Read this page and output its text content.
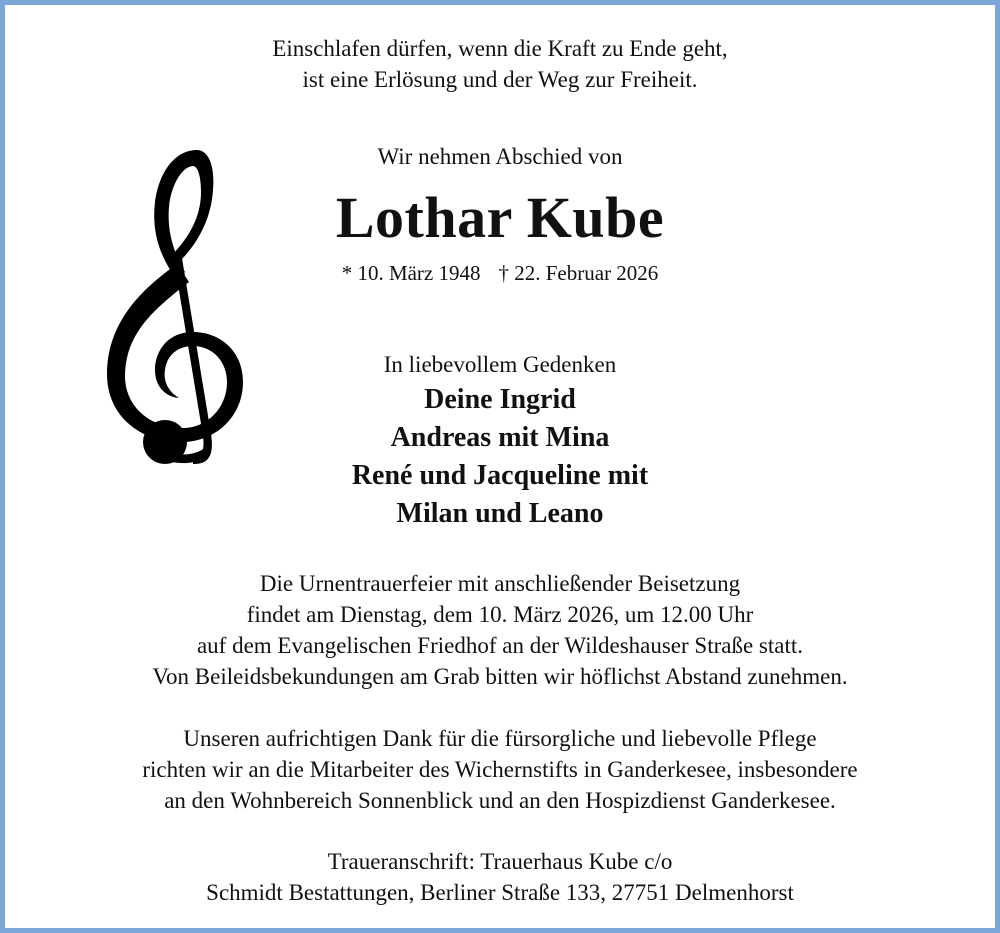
Einschlafen dürfen, wenn die Kraft zu Ende geht,
ist eine Erlösung und der Weg zur Freiheit.
Wir nehmen Abschied von
Lothar Kube
* 10. März 1948 † 22. Februar 2026
In liebevollem Gedenken
Deine Ingrid
Andreas mit Mina
René und Jacqueline mit
Milan und Leano
Die Urnentrauerfeier mit anschließender Beisetzung
findet am Dienstag, dem 10. März 2026, um 12.00 Uhr
auf dem Evangelischen Friedhof an der Wildeshauser Straße statt.
Von Beileidsbekundungen am Grab bitten wir höflichst Abstand zunehmen.
Unseren aufrichtigen Dank für die fürsorgliche und liebevolle Pflege
richten wir an die Mitarbeiter des Wichernstifts in Ganderkesee, insbesondere
an den Wohnbereich Sonnenblick und an den Hospizdienst Ganderkesee.
Traueranschrift: Trauerhaus Kube c/o
Schmidt Bestattungen, Berliner Straße 133, 27751 Delmenhorst
